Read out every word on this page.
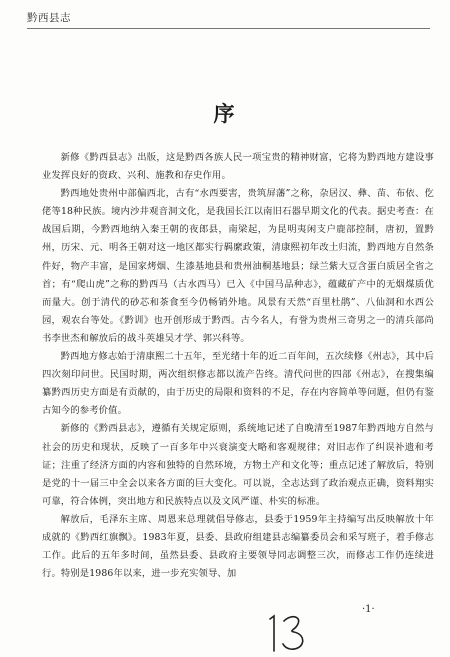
黔西县志
序

新修《黔西县志》出版，这是黔西各族人民一项宝贵的精神财富，它将为黔西地方建设事业发挥良好的资政、兴利、施教和存史作用。

黔西地处贵州中部偏西北，古有“水西要害，贵筑屏藩”之称，杂居汉、彝、苗、布依、仡佬等18种民族。境内沙井观音洞文化，是我国长江以南旧石器早期文化的代表。据史考查：在战国后期，今黔西地纳入秦王朝的夜郎县，南梁起，为昆明夷闲支户鹿部控制，唐初，置黔州，历宋、元、明各王朝对这一地区都实行羁縻政策，清康熙初年改土归流，黔西地方自然条件好，物产丰富，是国家烤烟、生漆基地县和贵州油桐基地县；绿兰紫大豆含蛋白质居全省之首；有“爬山虎”之称的黔西马（古水西马）已入《中国马品种志》，蕴藏矿产中的无烟煤质优而量大。创于清代的砂芯和茶食至今仍畅销外地。风景有天然“百里杜鹃”、八仙洞和水西公园，观农台等处。《黔训》也开创形成于黔西。古今名人，有誉为贵州三奇男之一的清兵部尚书李世杰和解放后的战斗英雄吴才学、郭兴科等。

黔西地方修志始于清康熙二十五年，至光绪十年的近二百年间，五次续修《州志》，其中后四次刻印问世。民国时期，两次组织修志都以流产告终。清代问世的四部《州志》，在搜集编纂黔西历史方面是有贡献的，由于历史的局限和资料的不足，存在内容简单等问题，但仍有鉴古知今的参考价值。

新修的《黔西县志》，遵循有关规定原则，系统地记述了自晚清至1987年黔西地方自然与社会的历史和现状，反映了一百多年中兴衰演变大略和客观规律；对旧志作了纠误补遗和考证；注重了经济方面的内容和独特的自然环境，方物土产和文化等；重点记述了解放后，特别是党的十一届三中全会以来各方面的巨大变化。可以说，全志达到了政治观点正确，资料翔实可靠，符合体例，突出地方和民族特点以及文风严谨、朴实的标准。

解放后，毛泽东主席、周恩来总理就倡导修志，县委于1959年主持编写出反映解放十年成就的《黔西红旗飘》。1983年夏，县委、县政府组建县志编纂委员会和采写班子，着手修志工作。此后的五年多时间，虽然县委、县政府主要领导同志调整三次，而修志工作仍连续进行。特别是1986年以来，进一步充实领导、加

·1·
